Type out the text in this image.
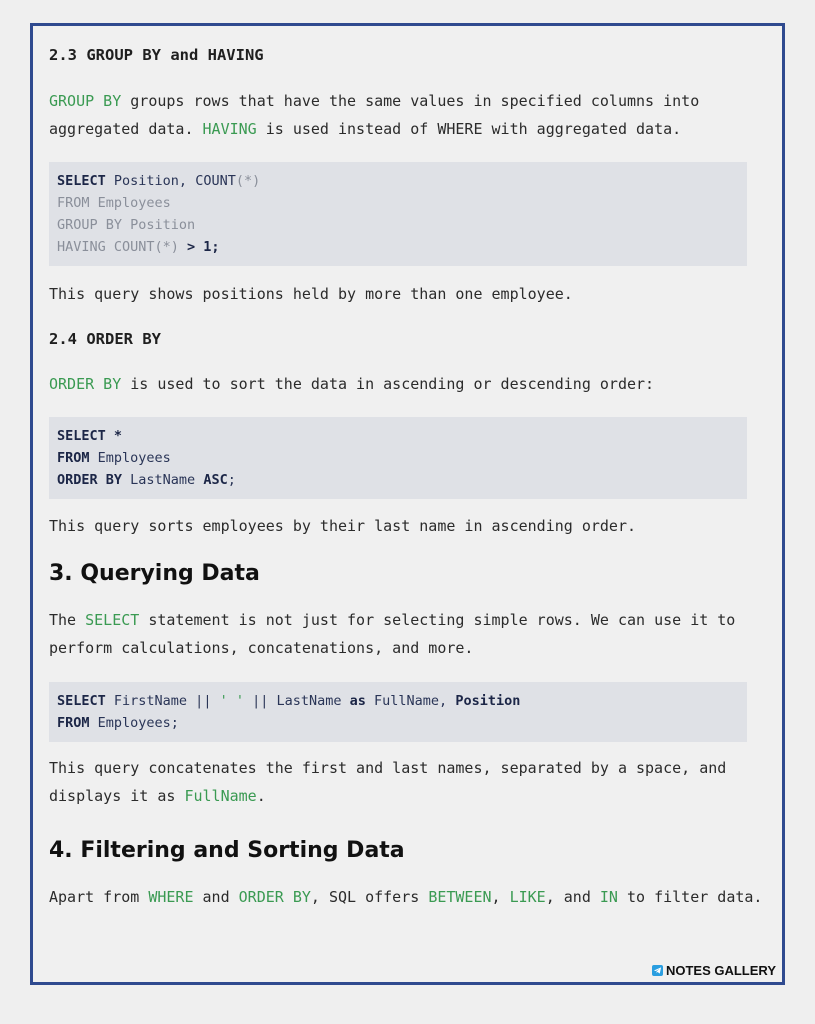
2.3 GROUP BY and HAVING

GROUP BY groups rows that have the same values in specified columns into aggregated data. HAVING is used instead of WHERE with aggregated data.

SELECT Position, COUNT(*)
FROM Employees
GROUP BY Position
HAVING COUNT(*) > 1;

This query shows positions held by more than one employee.

2.4 ORDER BY

ORDER BY is used to sort the data in ascending or descending order:

SELECT *
FROM Employees
ORDER BY LastName ASC;

This query sorts employees by their last name in ascending order.

3. Querying Data

The SELECT statement is not just for selecting simple rows. We can use it to perform calculations, concatenations, and more.

SELECT FirstName || ' ' || LastName as FullName, Position
FROM Employees;

This query concatenates the first and last names, separated by a space, and displays it as FullName.

4. Filtering and Sorting Data

Apart from WHERE and ORDER BY, SQL offers BETWEEN, LIKE, and IN to filter data.

NOTES GALLERY
